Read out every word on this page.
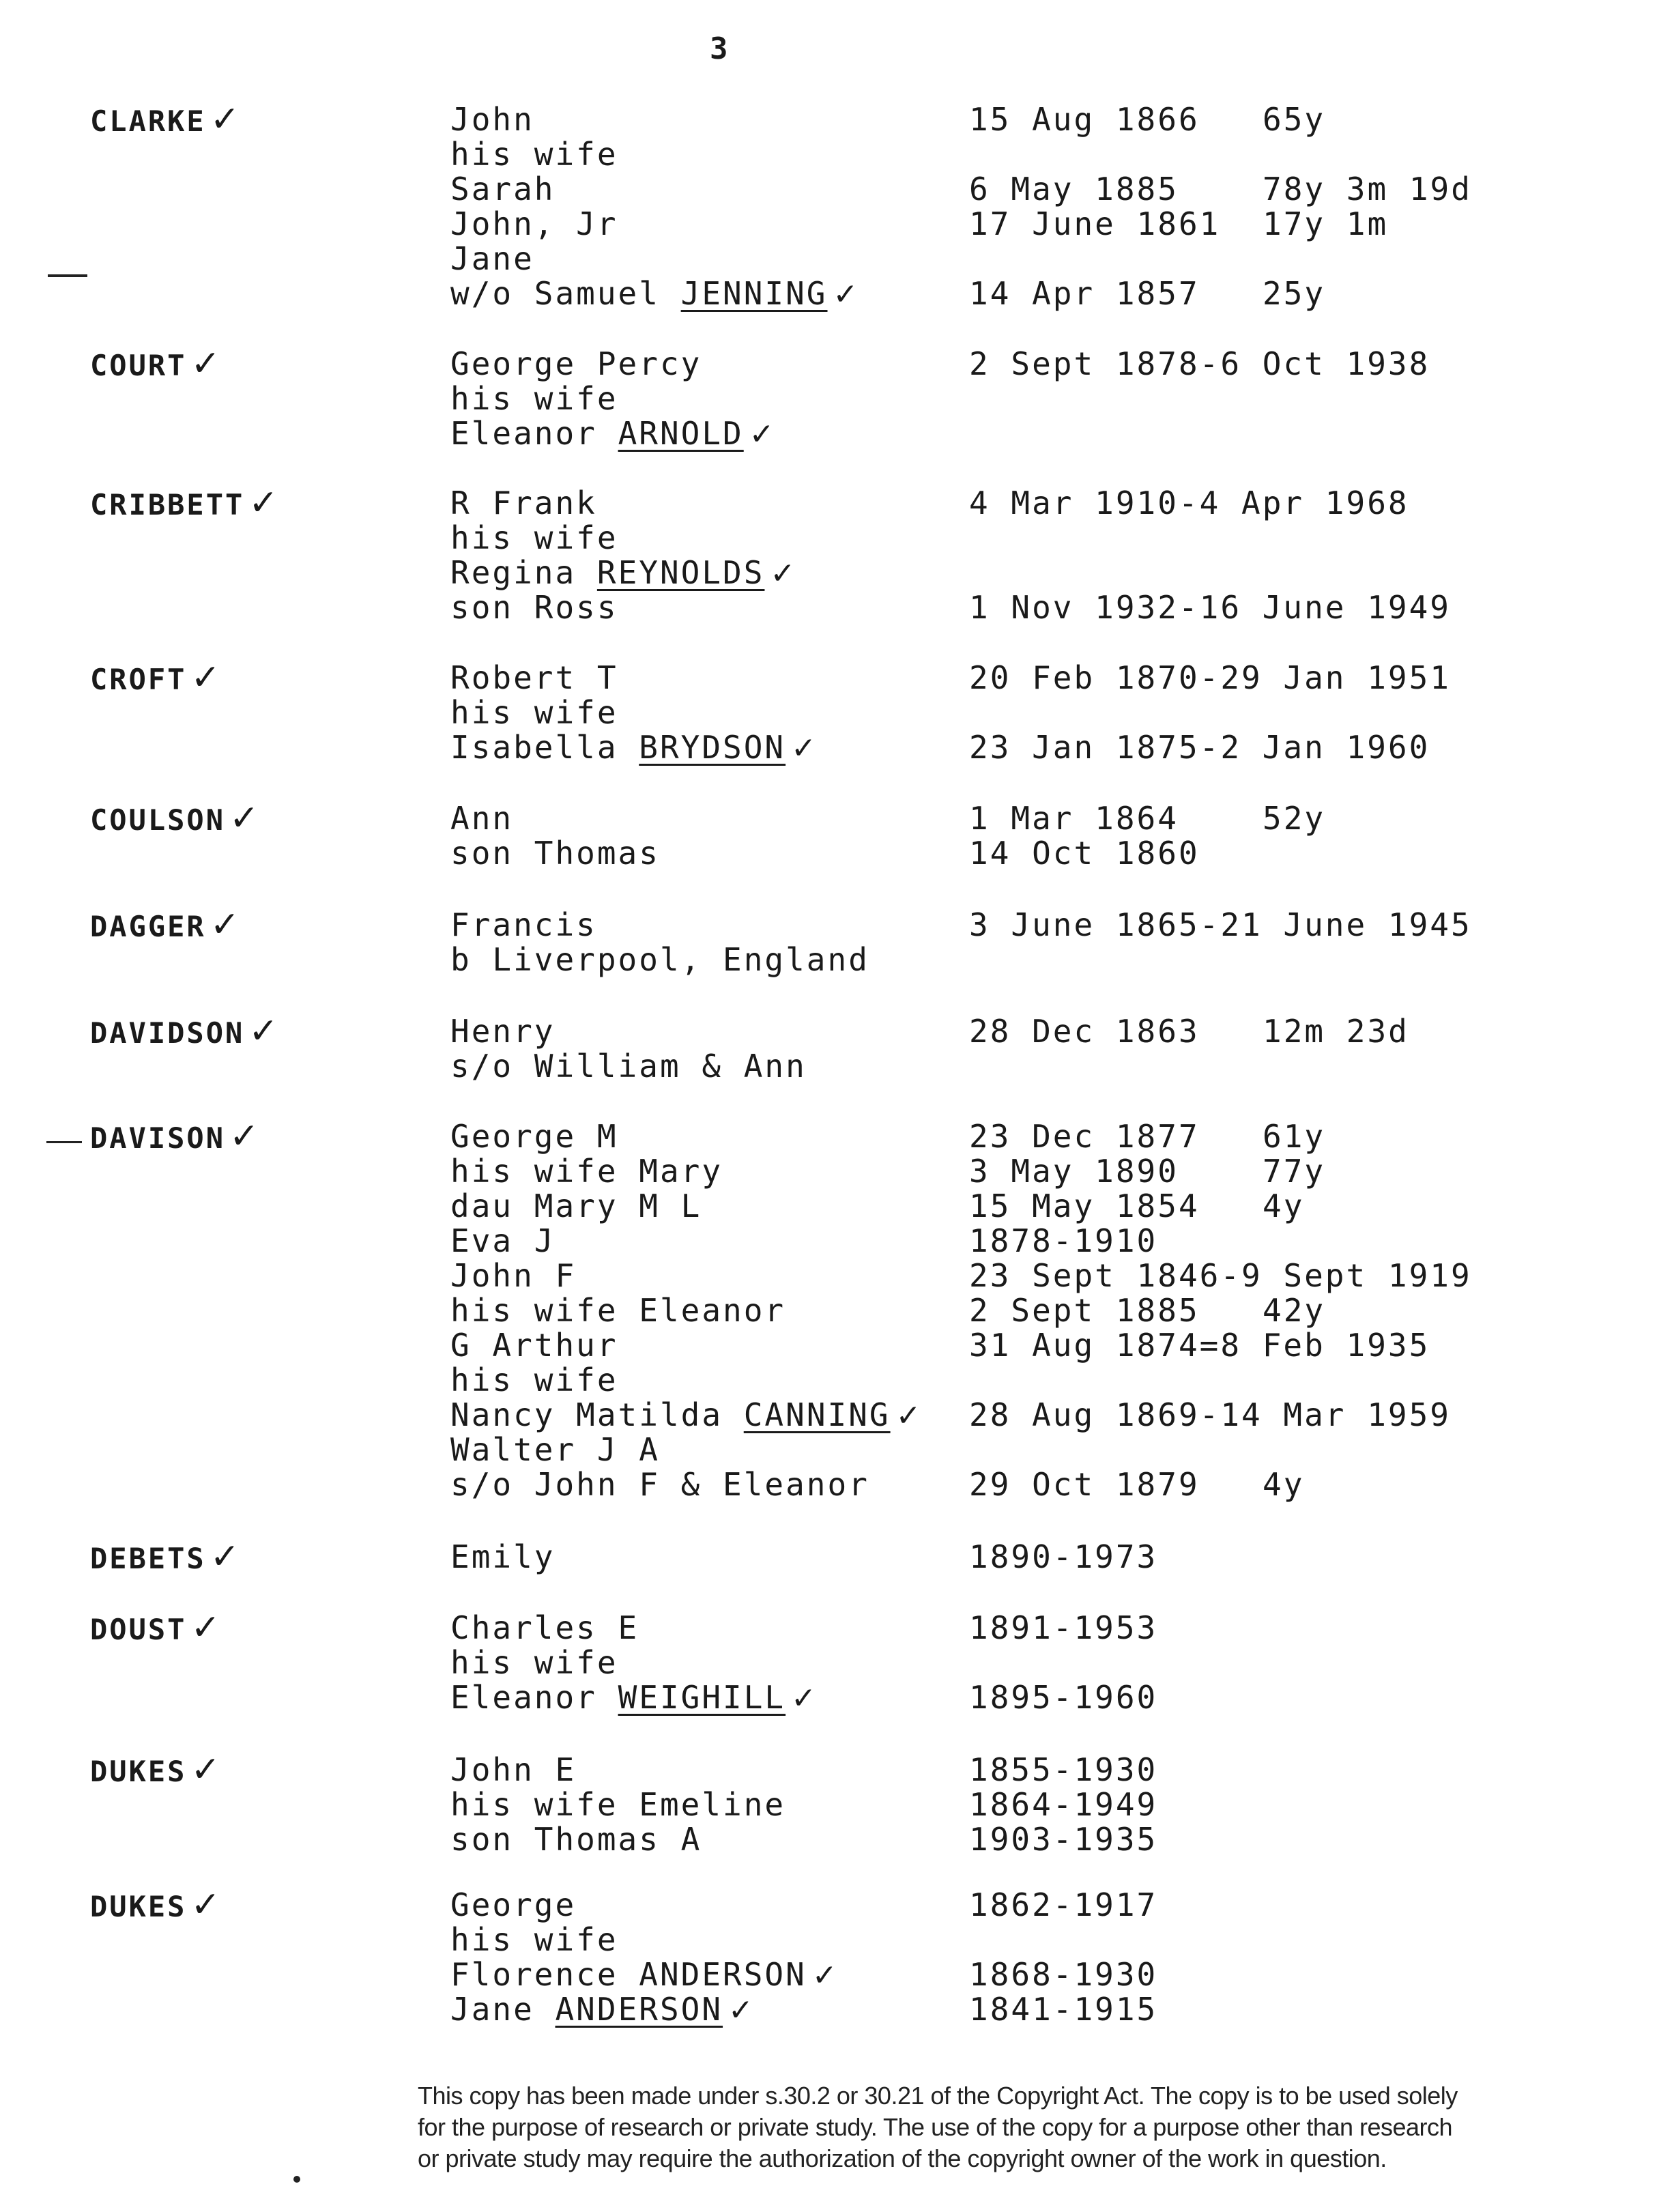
3
CLARKE ✓	John	15 Aug 1866 65y
his wife
Sarah	6 May 1885	78y 3m 19d
John, Jr	17 June 1861 17y 1m
Jane
w/o Samuel JENNING ✓	14 Apr 1857 25y
COURT ✓	George Percy	2 Sept 1878-6 Oct 1938
his wife
Eleanor ARNOLD ✓
CRIBBETT ✓	R Frank	4 Mar 1910-4 Apr 1968
his wife
Regina REYNOLDS ✓
son Ross	1 Nov 1932-16 June 1949
CROFT ✓	Robert T	20 Feb 1870-29 Jan 1951
his wife
Isabella BRYDSON ✓	23 Jan 1875-2 Jan 1960
COULSON ✓	Ann	1 Mar 1864	52y
son Thomas	14 Oct 1860
DAGGER ✓	Francis	3 June 1865-21 June 1945
b Liverpool, England
DAVIDSON ✓	Henry	28 Dec 1863 12m 23d
s/o William & Ann
DAVISON ✓	George M	23 Dec 1877 61y
his wife Mary	3 May 1890	77y
dau Mary M L	15 May 1854 4y
Eva J	1878-1910
John F	23 Sept 1846-9 Sept 1919
his wife Eleanor	2 Sept 1885 42y
G Arthur	31 Aug 1874=8 Feb 1935
his wife
Nancy Matilda CANNING ✓ 28 Aug 1869-14 Mar 1959
Walter J A
s/o John F & Eleanor	29 Oct 1879 4y
DEBETS ✓	Emily	1890-1973
DOUST ✓	Charles E	1891-1953
his wife
Eleanor WEIGHILL ✓	1895-1960
DUKES ✓	John E	1855-1930
his wife Emeline	1864-1949
son Thomas A	1903-1935
DUKES ✓	George	1862-1917
his wife
Florence ANDERSON ✓	1868-1930
Jane ANDERSON ✓	1841-1915
This copy has been made under s.30.2 or 30.21 of the Copyright Act. The copy is to be used solely
for the purpose of research or private study. The use of the copy for a purpose other than research
or private study may require the authorization of the copyright owner of the work in question.
